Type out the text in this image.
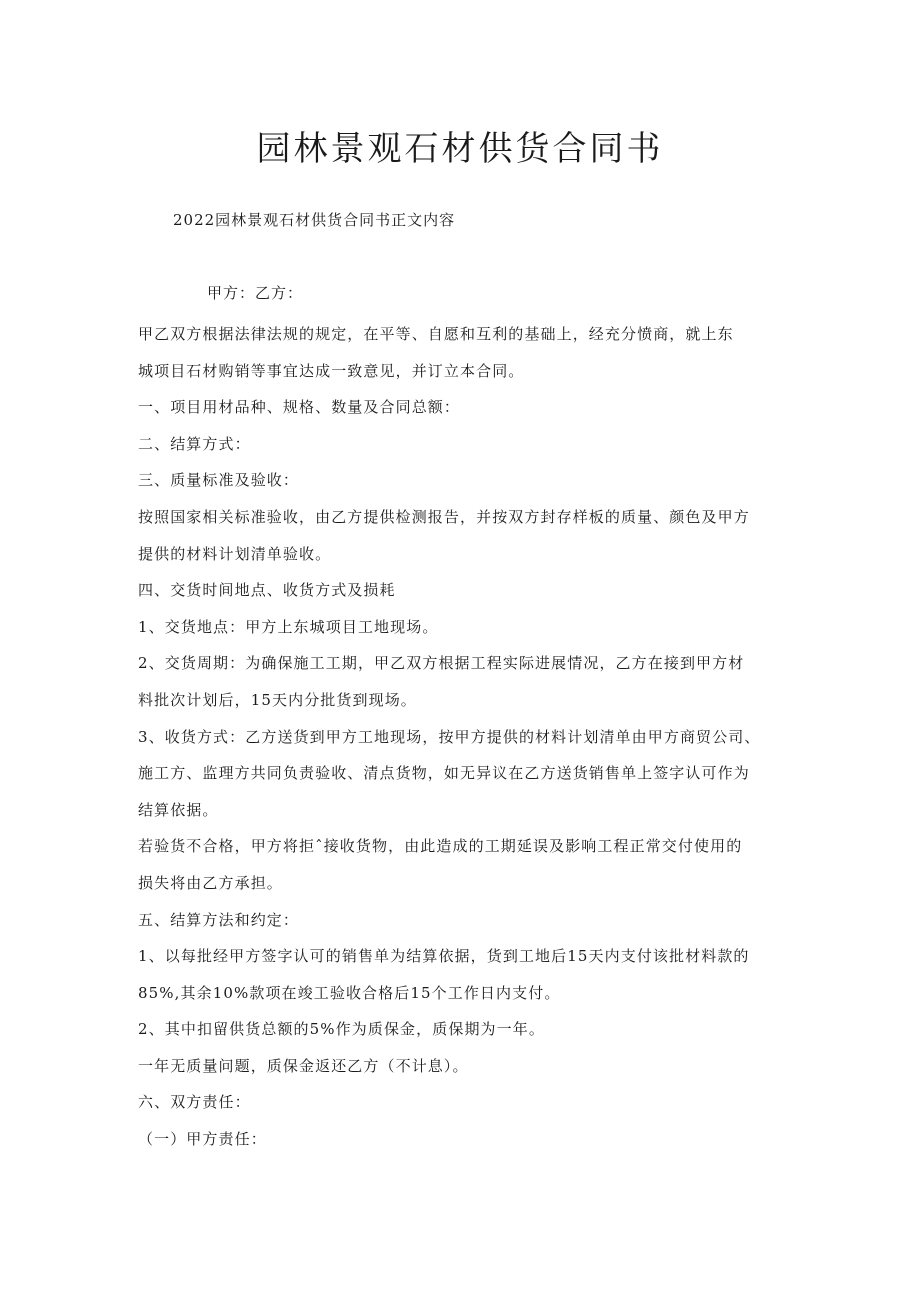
园林景观石材供货合同书

2022园林景观石材供货合同书正文内容

甲方：乙方：

甲乙双方根据法律法规的规定，在平等、自愿和互利的基础上，经充分愤商，就上东
城项目石材购销等事宜达成一致意见，并订立本合同。
一、项目用材品种、规格、数量及合同总额：
二、结算方式：
三、质量标准及验收：
按照国家相关标准验收，由乙方提供检测报告，并按双方封存样板的质量、颜色及甲方
提供的材料计划清单验收。
四、交货时间地点、收货方式及损耗
1、交货地点：甲方上东城项目工地现场。
2、交货周期：为确保施工工期，甲乙双方根据工程实际进展情况，乙方在接到甲方材
料批次计划后，15天内分批货到现场。
3、收货方式：乙方送货到甲方工地现场，按甲方提供的材料计划清单由甲方商贸公司、
施工方、监理方共同负责验收、清点货物，如无异议在乙方送货销售单上签字认可作为
结算依据。
若验货不合格，甲方将拒ˆ接收货物，由此造成的工期延误及影响工程正常交付使用的
损失将由乙方承担。
五、结算方法和约定：
1、以每批经甲方签字认可的销售单为结算依据，货到工地后15天内支付该批材料款的
85%,其余10%款项在竣工验收合格后15个工作日内支付。
2、其中扣留供货总额的5%作为质保金，质保期为一年。
一年无质量问题，质保金返还乙方（不计息）。
六、双方责任：
（一）甲方责任：
